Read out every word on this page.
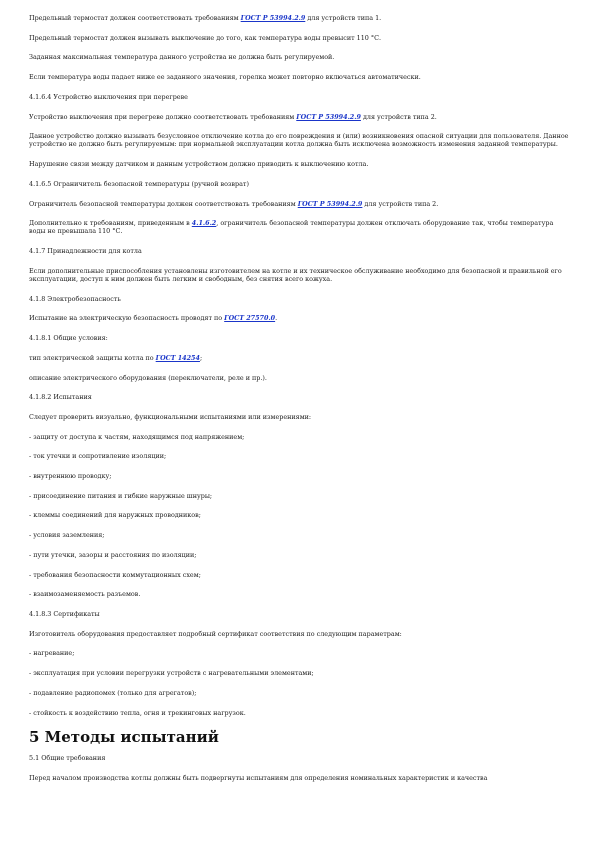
Предельный термостат должен соответствовать требованиям ГОСТ Р 53994.2.9 для устройств типа 1.

Предельный термостат должен вызывать выключение до того, как температура воды превысит 110 °С.

Заданная максимальная температура данного устройства не должна быть регулируемой.

Если температура воды падает ниже ее заданного значения, горелка может повторно включаться автоматически.

4.1.6.4 Устройство выключения при перегреве

Устройство выключения при перегреве должно соответствовать требованиям ГОСТ Р 53994.2.9 для устройств типа 2.

Данное устройство должно вызывать безусловное отключение котла до его повреждения и (или) возникновения опасной ситуации для пользователя. Данное устройство не должно быть регулируемым: при нормальной эксплуатации котла должна быть исключена возможность изменения заданной температуры.

Нарушение связи между датчиком и данным устройством должно приводить к выключению котла.

4.1.6.5 Ограничитель безопасной температуры (ручной возврат)

Ограничитель безопасной температуры должен соответствовать требованиям ГОСТ Р 53994.2.9 для устройств типа 2.

Дополнительно к требованиям, приведенным в 4.1.6.2, ограничитель безопасной температуры должен отключать оборудование так, чтобы температура воды не превышала 110 °С.

4.1.7 Принадлежности для котла

Если дополнительные приспособления установлены изготовителем на котле и их техническое обслуживание необходимо для безопасной и правильной его эксплуатации, доступ к ним должен быть легким и свободным, без снятия всего кожуха.

4.1.8 Электробезопасность

Испытание на электрическую безопасность проводят по ГОСТ 27570.0.

4.1.8.1 Общие условия:

тип электрической защиты котла по ГОСТ 14254;

описание электрического оборудования (переключатели, реле и пр.).

4.1.8.2 Испытания

Следует проверить визуально, функциональными испытаниями или измерениями:

- защиту от доступа к частям, находящимся под напряжением;

- ток утечки и сопротивление изоляции;

- внутреннюю проводку;

- присоединение питания и гибкие наружные шнуры;

- клеммы соединений для наружных проводников;

- условия заземления;

- пути утечки, зазоры и расстояния по изоляции;

- требования безопасности коммутационных схем;

- взаимозаменяемость разъемов.

4.1.8.3 Сертификаты

Изготовитель оборудования предоставляет подробный сертификат соответствия по следующим параметрам:

- нагревание;

- эксплуатация при условии перегрузки устройств с нагревательными элементами;

- подавление радиопомех (только для агрегатов);

- стойкость к воздействию тепла, огня и трекинговых нагрузок.

5 Методы испытаний

5.1 Общие требования

Перед началом производства котлы должны быть подвергнуты испытаниям для определения номинальных характеристик и качества
